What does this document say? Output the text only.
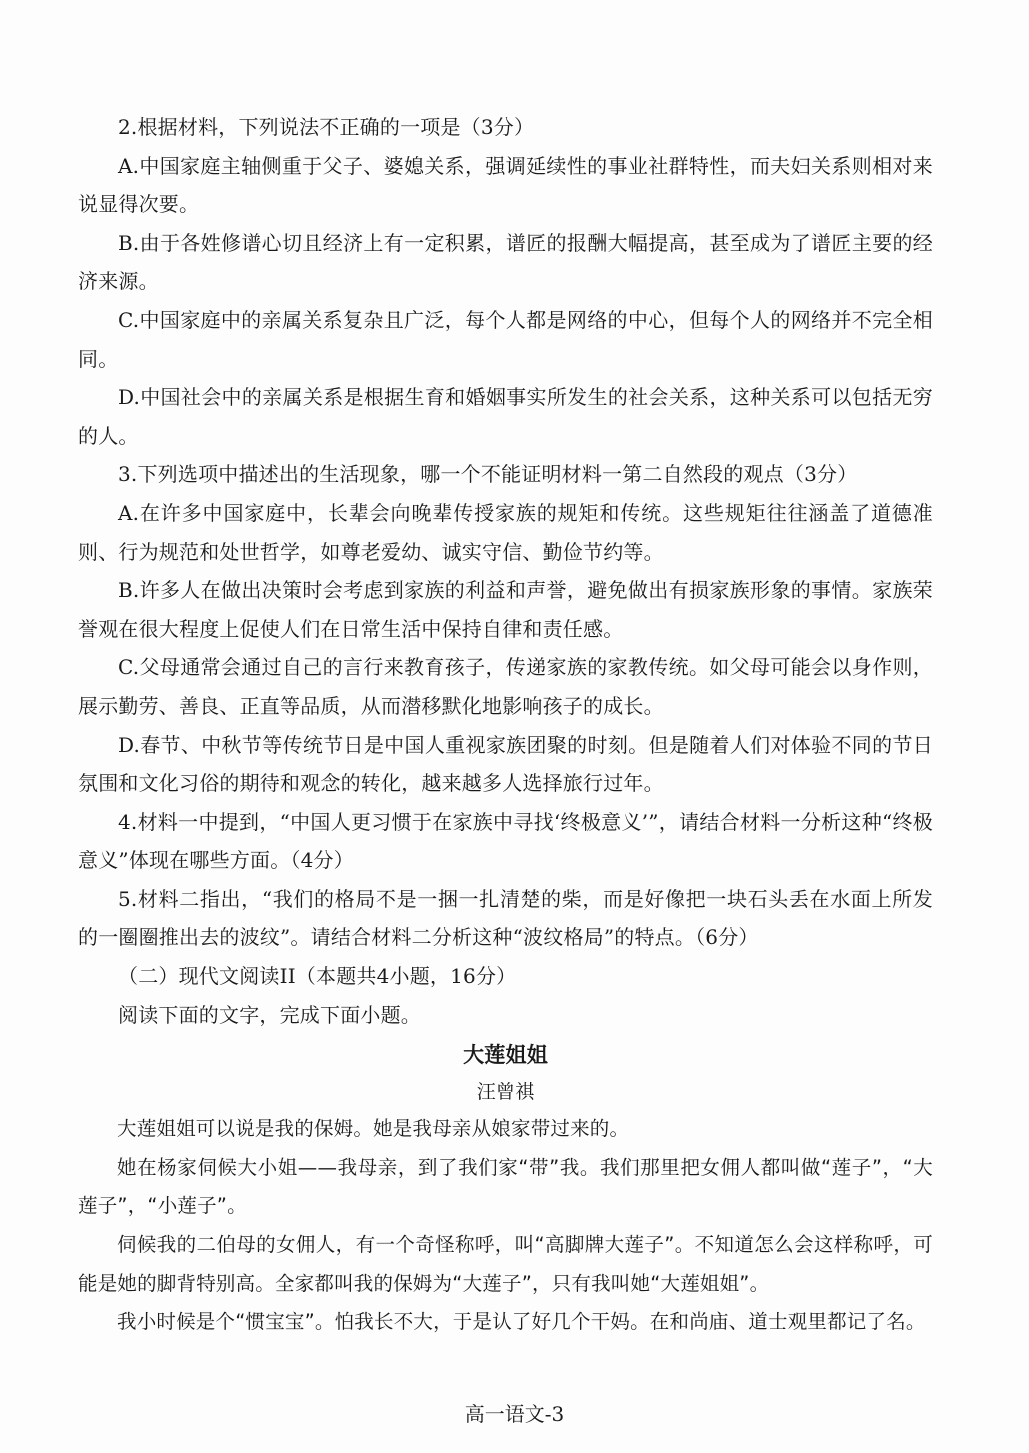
2.根据材料，下列说法不正确的一项是（3分）

A.中国家庭主轴侧重于父子、婆媳关系，强调延续性的事业社群特性，而夫妇关系则相对来说显得次要。

B.由于各姓修谱心切且经济上有一定积累，谱匠的报酬大幅提高，甚至成为了谱匠主要的经济来源。

C.中国家庭中的亲属关系复杂且广泛，每个人都是网络的中心，但每个人的网络并不完全相同。

D.中国社会中的亲属关系是根据生育和婚姻事实所发生的社会关系，这种关系可以包括无穷的人。

3.下列选项中描述出的生活现象，哪一个不能证明材料一第二自然段的观点（3分）

A.在许多中国家庭中，长辈会向晚辈传授家族的规矩和传统。这些规矩往往涵盖了道德准则、行为规范和处世哲学，如尊老爱幼、诚实守信、勤俭节约等。

B.许多人在做出决策时会考虑到家族的利益和声誉，避免做出有损家族形象的事情。家族荣誉观在很大程度上促使人们在日常生活中保持自律和责任感。

C.父母通常会通过自己的言行来教育孩子，传递家族的家教传统。如父母可能会以身作则，展示勤劳、善良、正直等品质，从而潜移默化地影响孩子的成长。

D.春节、中秋节等传统节日是中国人重视家族团聚的时刻。但是随着人们对体验不同的节日氛围和文化习俗的期待和观念的转化，越来越多人选择旅行过年。

4.材料一中提到，“中国人更习惯于在家族中寻找‘终极意义’”，请结合材料一分析这种“终极意义”体现在哪些方面。（4分）

5.材料二指出，“我们的格局不是一捆一扎清楚的柴，而是好像把一块石头丢在水面上所发的一圈圈推出去的波纹”。请结合材料二分析这种“波纹格局”的特点。（6分）

（二）现代文阅读II（本题共4小题，16分）

阅读下面的文字，完成下面小题。

大莲姐姐

汪曾祺

大莲姐姐可以说是我的保姆。她是我母亲从娘家带过来的。

她在杨家伺候大小姐——我母亲，到了我们家“带”我。我们那里把女佣人都叫做“莲子”，“大莲子”，“小莲子”。

伺候我的二伯母的女佣人，有一个奇怪称呼，叫“高脚牌大莲子”。不知道怎么会这样称呼，可能是她的脚背特别高。全家都叫我的保姆为“大莲子”，只有我叫她“大莲姐姐”。

我小时候是个“惯宝宝”。怕我长不大，于是认了好几个干妈。在和尚庙、道士观里都记了名。

高一语文-3
